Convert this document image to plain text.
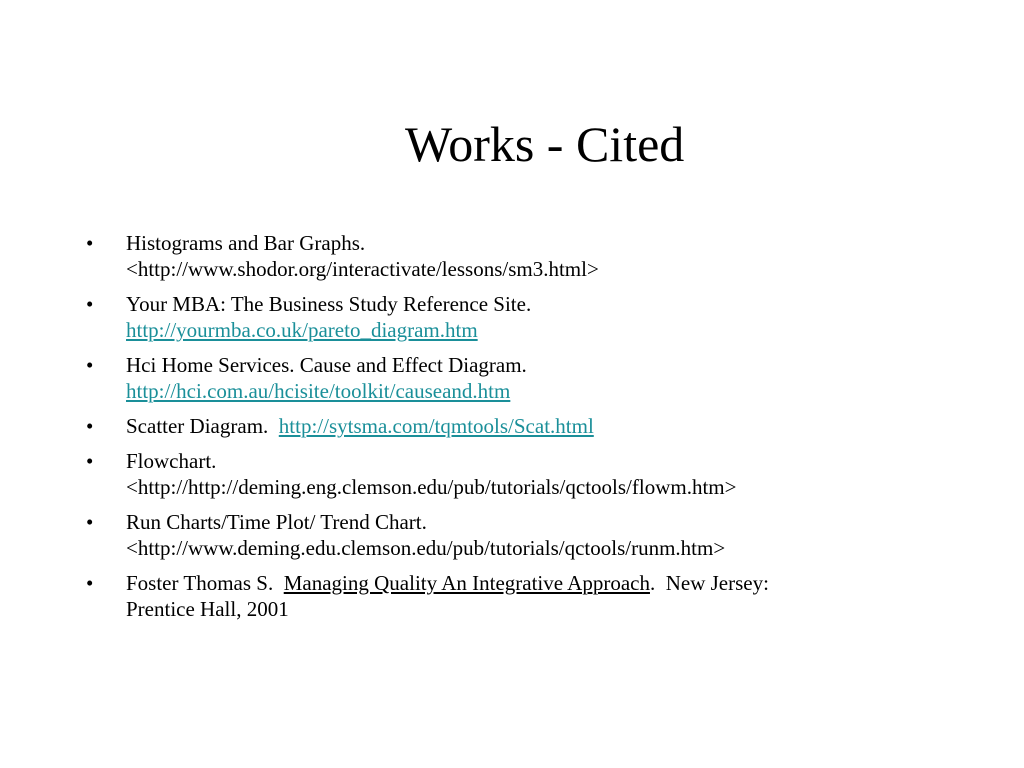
Works - Cited
• Histograms and Bar Graphs.
<http://www.shodor.org/interactivate/lessons/sm3.html>
• Your MBA: The Business Study Reference Site.
http://yourmba.co.uk/pareto_diagram.htm
• Hci Home Services. Cause and Effect Diagram.
http://hci.com.au/hcisite/toolkit/causeand.htm
• Scatter Diagram.  http://sytsma.com/tqmtools/Scat.html
• Flowchart.
<http://http://deming.eng.clemson.edu/pub/tutorials/qctools/flowm.htm>
• Run Charts/Time Plot/ Trend Chart.
<http://www.deming.edu.clemson.edu/pub/tutorials/qctools/runm.htm>
• Foster Thomas S.  Managing Quality An Integrative Approach.  New Jersey:
Prentice Hall, 2001
